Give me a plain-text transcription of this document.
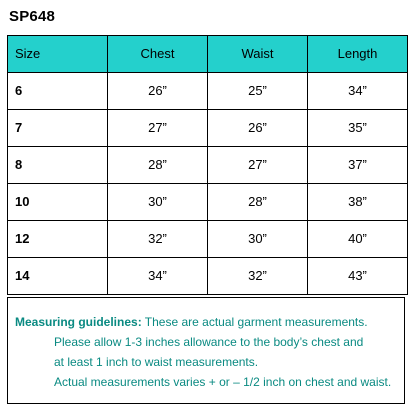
SP648
Size	Chest	Waist	Length
6	26”	25”	34”
7	27”	26”	35”
8	28”	27”	37”
10	30”	28”	38”
12	32”	30”	40”
14	34”	32”	43”
Measuring guidelines: These are actual garment measurements.
Please allow 1-3 inches allowance to the body’s chest and
at least 1 inch to waist measurements.
Actual measurements varies + or – 1/2 inch on chest and waist.
